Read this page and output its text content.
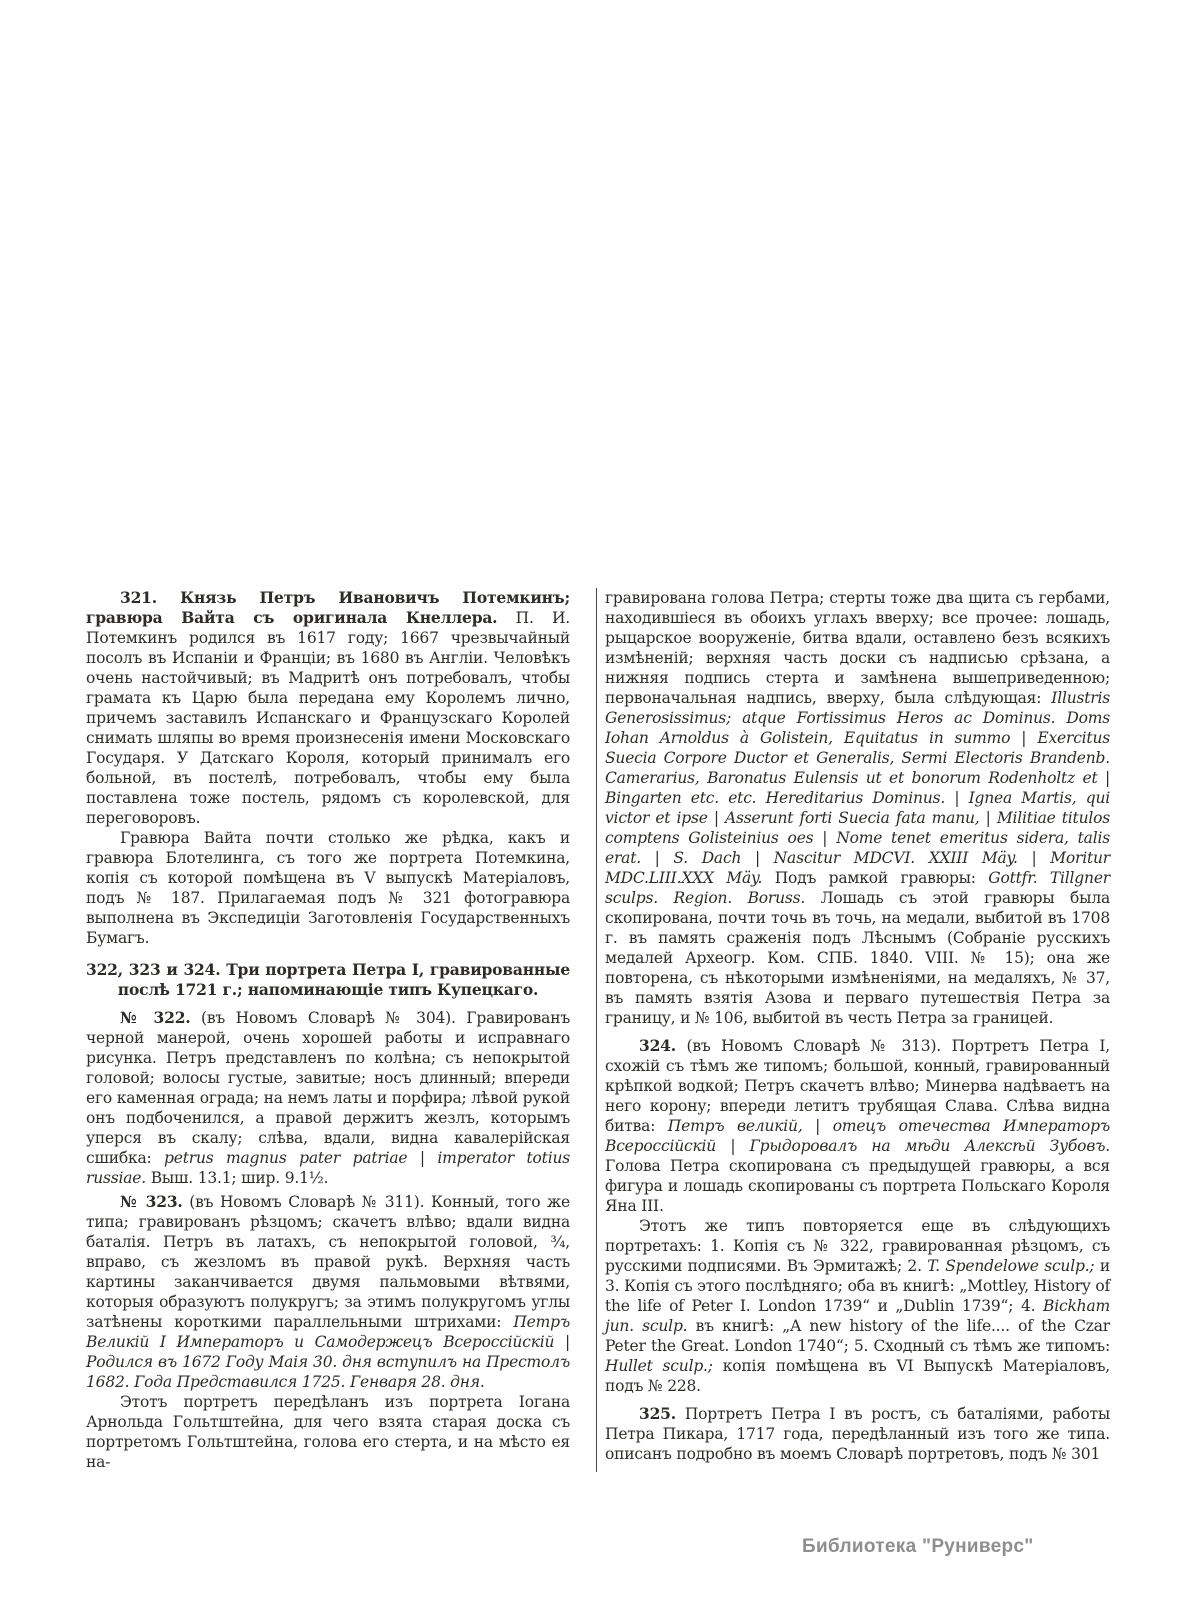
321. Князь Петръ Ивановичъ Потемкинъ; гравюра Вайта съ оригинала Кнеллера. П. И. Потемкинъ родился въ 1617 году; 1667 чрезвычайный посолъ въ Испаніи и Франціи; въ 1680 въ Англіи. Человѣкъ очень настойчивый; въ Мадритѣ онъ потребовалъ, чтобы грамата къ Царю была передана ему Королемъ лично, причемъ заставилъ Испанскаго и Французскаго Королей снимать шляпы во время произнесенія имени Московскаго Государя. У Датскаго Короля, который принималъ его больной, въ постелѣ, потребовалъ, чтобы ему была поставлена тоже постель, рядомъ съ королевской, для переговоровъ.

Гравюра Вайта почти столько же рѣдка, какъ и гравюра Блотелинга, съ того же портрета Потемкина, копія съ которой помѣщена въ V выпускѣ Матеріаловъ, подъ № 187. Прилагаемая подъ № 321 фотогравюра выполнена въ Экспедиціи Заготовленія Государственныхъ Бумагъ.

322, 323 и 324. Три портрета Петра I, гравированные послѣ 1721 г.; напоминающіе типъ Купецкаго.

№ 322. (въ Новомъ Словарѣ № 304). Гравированъ черной манерой, очень хорошей работы и исправнаго рисунка. Петръ представленъ по колѣна; съ непокрытой головой; волосы густые, завитые; носъ длинный; впереди его каменная ограда; на немъ латы и порфира; лѣвой рукой онъ подбоченился, а правой держитъ жезлъ, которымъ уперся въ скалу; слѣва, вдали, видна кавалерійская сшибка: petrus magnus pater patriae | imperator totius russiae. Выш. 13.1; шир. 9.1½.

№ 323. (въ Новомъ Словарѣ № 311). Конный, того же типа; гравированъ рѣзцомъ; скачетъ влѣво; вдали видна баталія. Петръ въ латахъ, съ непокрытой головой, ¾, вправо, съ жезломъ въ правой рукѣ. Верхняя часть картины заканчивается двумя пальмовыми вѣтвями, которыя образуютъ полукругъ; за этимъ полукругомъ углы затѣнены короткими параллельными штрихами: Петръ Великій I Императоръ и Самодержецъ Всероссійскій | Родился въ 1672 Году Маія 30. дня вступилъ на Престолъ 1682. Года Представился 1725. Генваря 28. дня.

Этотъ портретъ передѣланъ изъ портрета Іогана Арнольда Гольтштейна, для чего взята старая доска съ портретомъ Гольтштейна, голова его стерта, и на мѣсто ея на-

гравирована голова Петра; стерты тоже два щита съ гербами, находившіеся въ обоихъ углахъ вверху; все прочее: лошадь, рыцарское вооруженіе, битва вдали, оставлено безъ всякихъ измѣненій; верхняя часть доски съ надписью срѣзана, а нижняя подпись стерта и замѣнена вышеприведенною; первоначальная надпись, вверху, была слѣдующая: Illustris Generosissimus; atque Fortissimus Heros ac Dominus. Doms Iohan Arnoldus à Golistein, Equitatus in summo | Exercitus Suecia Corpore Ductor et Generalis, Sermi Electoris Brandenb. Camerarius, Baronatus Eulensis ut et bonorum Rodenholtz et | Bingarten etc. etc. Hereditarius Dominus. | Ignea Martis, qui victor et ipse | Asserunt forti Suecia fata manu, | Militiae titulos comptens Golisteinius oes | Nome tenet emeritus sidera, talis erat. | S. Dach | Nascitur MDCVI. XXIII Mäy. | Moritur MDC.LIII.XXX Mäy. Подъ рамкой гравюры: Gottfr. Tillgner sculps. Region. Boruss. Лошадь съ этой гравюры была скопирована, почти точь въ точь, на медали, выбитой въ 1708 г. въ память сраженія подъ Лѣснымъ (Собраніе русскихъ медалей Археогр. Ком. СПБ. 1840. VIII. № 15); она же повторена, съ нѣкоторыми измѣненіями, на медаляхъ, № 37, въ память взятія Азова и перваго путешествія Петра за границу, и № 106, выбитой въ честь Петра за границей.

324. (въ Новомъ Словарѣ № 313). Портретъ Петра I, схожій съ тѣмъ же типомъ; большой, конный, гравированный крѣпкой водкой; Петръ скачетъ влѣво; Минерва надѣваетъ на него корону; впереди летитъ трубящая Слава. Слѣва видна битва: Петръ великій, | отецъ отечества Императоръ Всероссійскій | Грыдоровалъ на мѣди Алексѣй Зубовъ. Голова Петра скопирована съ предыдущей гравюры, а вся фигура и лошадь скопированы съ портрета Польскаго Короля Яна III.

Этотъ же типъ повторяется еще въ слѣдующихъ портретахъ: 1. Копія съ № 322, гравированная рѣзцомъ, съ русскими подписями. Въ Эрмитажѣ; 2. T. Spendelowe sculp.; и 3. Копія съ этого послѣдняго; оба въ книгѣ: „Mottley, History of the life of Peter I. London 1739“ и „Dublin 1739“; 4. Bickham jun. sculp. въ книгѣ: „A new history of the life.... of the Czar Peter the Great. London 1740“; 5. Сходный съ тѣмъ же типомъ: Hullet sculp.; копія помѣщена въ VI Выпускѣ Матеріаловъ, подъ № 228.

325. Портретъ Петра I въ ростъ, съ баталіями, работы Петра Пикара, 1717 года, передѣланный изъ того же типа. описанъ подробно въ моемъ Словарѣ портретовъ, подъ № 301

Библиотека "Руниверс"
